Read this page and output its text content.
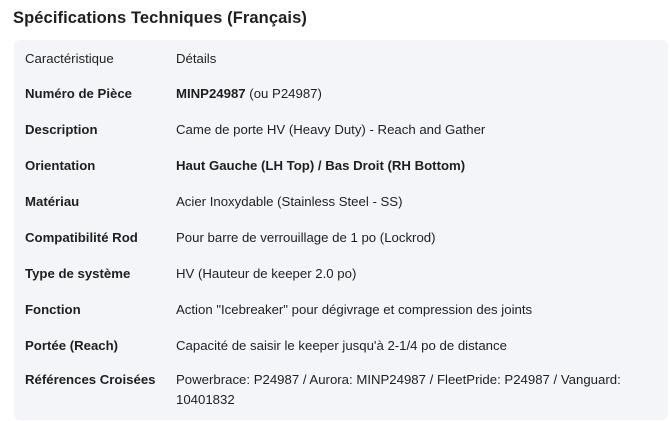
Spécifications Techniques (Français)
Caractéristique	Détails
Numéro de Pièce	MINP24987 (ou P24987)
Description	Came de porte HV (Heavy Duty) - Reach and Gather
Orientation	Haut Gauche (LH Top) / Bas Droit (RH Bottom)
Matériau	Acier Inoxydable (Stainless Steel - SS)
Compatibilité Rod	Pour barre de verrouillage de 1 po (Lockrod)
Type de système	HV (Hauteur de keeper 2.0 po)
Fonction	Action "Icebreaker" pour dégivrage et compression des joints
Portée (Reach)	Capacité de saisir le keeper jusqu'à 2-1/4 po de distance
Références Croisées	Powerbrace: P24987 / Aurora: MINP24987 / FleetPride: P24987 / Vanguard: 10401832
